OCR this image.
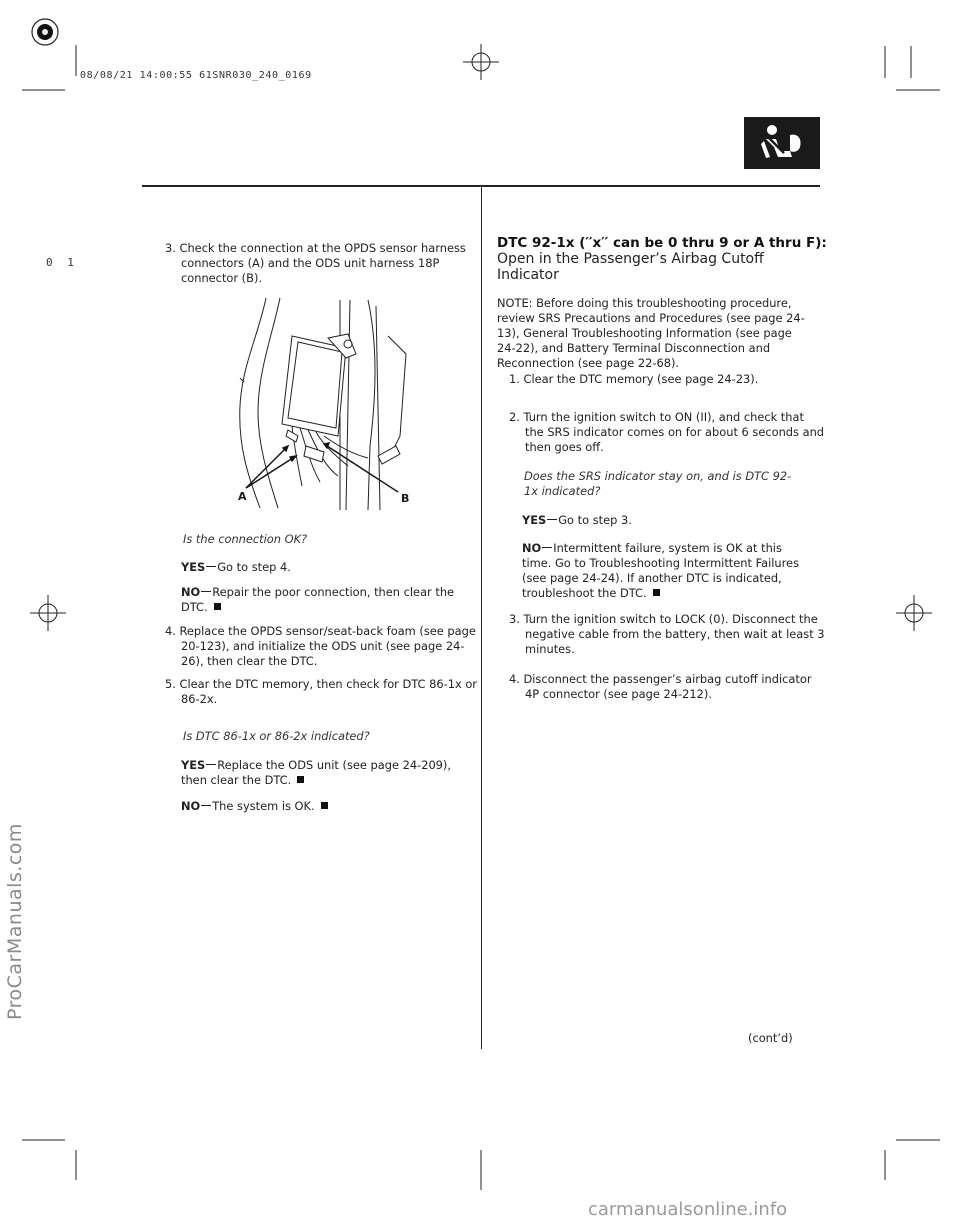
08/08/21 14:00:55 61SNR030_240_0169
0 1
3. Check the connection at the OPDS sensor harness connectors (A) and the ODS unit harness 18P connector (B).
A	B
Is the connection OK?
YES Go to step 4.
NO Repair the poor connection, then clear the DTC.
4. Replace the OPDS sensor/seat-back foam (see page 20-123), and initialize the ODS unit (see page 24-26), then clear the DTC.
5. Clear the DTC memory, then check for DTC 86-1x or 86-2x.
Is DTC 86-1x or 86-2x indicated?
YES Replace the ODS unit (see page 24-209), then clear the DTC.
NO The system is OK.
DTC 92-1x (′′x′′ can be 0 thru 9 or A thru F):
Open in the Passenger’s Airbag Cutoff Indicator
NOTE: Before doing this troubleshooting procedure, review SRS Precautions and Procedures (see page 24-13), General Troubleshooting Information (see page 24-22), and Battery Terminal Disconnection and Reconnection (see page 22-68).
1. Clear the DTC memory (see page 24-23).
2. Turn the ignition switch to ON (II), and check that the SRS indicator comes on for about 6 seconds and then goes off.
Does the SRS indicator stay on, and is DTC 92-1x indicated?
YES Go to step 3.
NO Intermittent failure, system is OK at this time. Go to Troubleshooting Intermittent Failures (see page 24-24). If another DTC is indicated, troubleshoot the DTC.
3. Turn the ignition switch to LOCK (0). Disconnect the negative cable from the battery, then wait at least 3 minutes.
4. Disconnect the passenger’s airbag cutoff indicator 4P connector (see page 24-212).
(cont’d)
ProCarManuals.com
carmanualsonline.info
